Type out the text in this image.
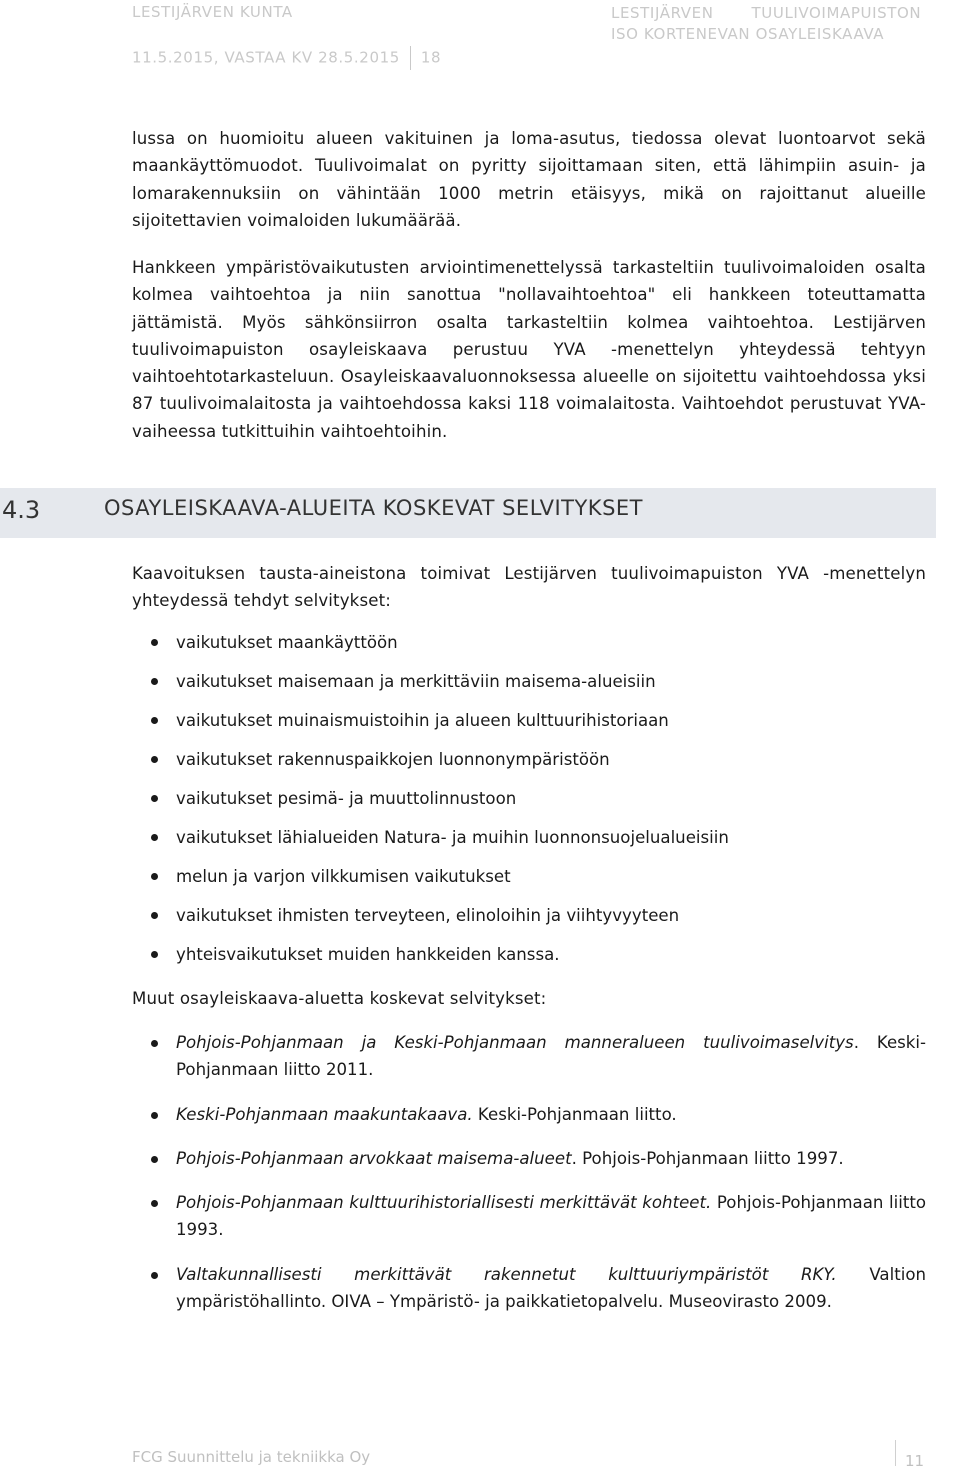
LESTIJÄRVEN KUNTA
11.5.2015, VASTAA KV 28.5.2015 18
LESTIJÄRVEN	TUULIVOIMAPUISTON
ISO KORTENEVAN OSAYLEISKAAVA

lussa on huomioitu alueen vakituinen ja loma-asutus, tiedossa olevat luontoarvot sekä maankäyttömuodot. Tuulivoimalat on pyritty sijoittamaan siten, että lähimpiin asuin- ja lomarakennuksiin on vähintään 1000 metrin etäisyys, mikä on rajoittanut alueille sijoitettavien voimaloiden lukumäärää.

Hankkeen ympäristövaikutusten arviointimenettelyssä tarkasteltiin tuulivoimaloiden osalta kolmea vaihtoehtoa ja niin sanottua "nollavaihtoehtoa" eli hankkeen toteuttamatta jättämistä. Myös sähkönsiirron osalta tarkasteltiin kolmea vaihtoehtoa. Lestijärven tuulivoimapuiston osayleiskaava perustuu YVA -menettelyn yhteydessä tehtyyn vaihtoehtotarkasteluun. Osayleiskaavaluonnoksessa alueelle on sijoitettu vaihtoehdossa yksi 87 tuulivoimalaitosta ja vaihtoehdossa kaksi 118 voimalaitosta. Vaihtoehdot perustuvat YVA-vaiheessa tutkittuihin vaihtoehtoihin.

4.3	OSAYLEISKAAVA-ALUEITA KOSKEVAT SELVITYKSET

Kaavoituksen tausta-aineistona toimivat Lestijärven tuulivoimapuiston YVA -menettelyn yhteydessä tehdyt selvitykset:

vaikutukset maankäyttöön
vaikutukset maisemaan ja merkittäviin maisema-alueisiin
vaikutukset muinaismuistoihin ja alueen kulttuurihistoriaan
vaikutukset rakennuspaikkojen luonnonympäristöön
vaikutukset pesimä- ja muuttolinnustoon
vaikutukset lähialueiden Natura- ja muihin luonnonsuojelualueisiin
melun ja varjon vilkkumisen vaikutukset
vaikutukset ihmisten terveyteen, elinoloihin ja viihtyvyyteen
yhteisvaikutukset muiden hankkeiden kanssa.

Muut osayleiskaava-aluetta koskevat selvitykset:

Pohjois-Pohjanmaan ja Keski-Pohjanmaan manneralueen tuulivoimaselvitys. Keski-Pohjanmaan liitto 2011.
Keski-Pohjanmaan maakuntakaava. Keski-Pohjanmaan liitto.
Pohjois-Pohjanmaan arvokkaat maisema-alueet. Pohjois-Pohjanmaan liitto 1997.
Pohjois-Pohjanmaan kulttuurihistoriallisesti merkittävät kohteet. Pohjois-Pohjanmaan liitto 1993.
Valtakunnallisesti merkittävät rakennetut kulttuuriympäristöt RKY. Valtion ympäristöhallinto. OIVA – Ympäristö- ja paikkatietopalvelu. Museovirasto 2009.
FCG Suunnittelu ja tekniikka Oy	11
